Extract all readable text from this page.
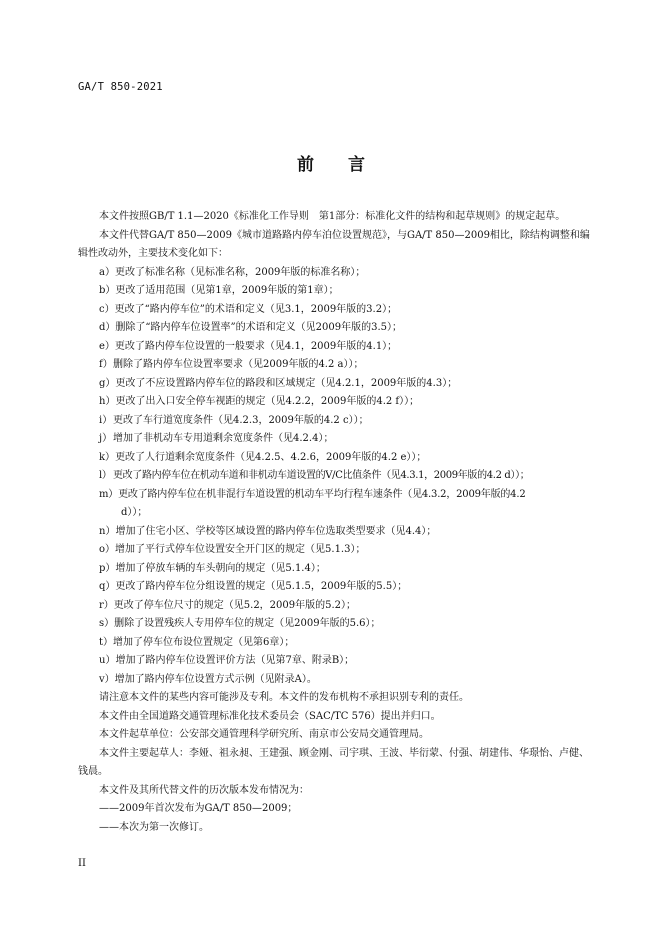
GA/T 850-2021
前 言

本文件按照GB/T 1.1—2020《标准化工作导则　第1部分：标准化文件的结构和起草规则》的规定起草。

本文件代替GA/T 850—2009《城市道路路内停车泊位设置规范》，与GA/T 850—2009相比，除结构调整和编辑性改动外，主要技术变化如下：

a）更改了标准名称（见标准名称，2009年版的标准名称）；
b）更改了适用范围（见第1章，2009年版的第1章）；
c）更改了“路内停车位”的术语和定义（见3.1，2009年版的3.2）；
d）删除了“路内停车位设置率”的术语和定义（见2009年版的3.5）；
e）更改了路内停车位设置的一般要求（见4.1，2009年版的4.1）；
f）删除了路内停车位设置率要求（见2009年版的4.2 a））；
g）更改了不应设置路内停车位的路段和区域规定（见4.2.1，2009年版的4.3）；
h）更改了出入口安全停车视距的规定（见4.2.2，2009年版的4.2 f））；
i）更改了车行道宽度条件（见4.2.3，2009年版的4.2 c））；
j）增加了非机动车专用道剩余宽度条件（见4.2.4）；
k）更改了人行道剩余宽度条件（见4.2.5、4.2.6，2009年版的4.2 e））；
l） 更改了路内停车位在机动车道和非机动车道设置的V/C比值条件（见4.3.1，2009年版的4.2 d））；
m）更改了路内停车位在机非混行车道设置的机动车平均行程车速条件（见4.3.2，2009年版的4.2
d））；
n）增加了住宅小区、学校等区域设置的路内停车位选取类型要求（见4.4）；
o）增加了平行式停车位设置安全开门区的规定（见5.1.3）；
p）增加了停放车辆的车头朝向的规定（见5.1.4）；
q）更改了路内停车位分组设置的规定（见5.1.5，2009年版的5.5）；
r）更改了停车位尺寸的规定（见5.2，2009年版的5.2）；
s）删除了设置残疾人专用停车位的规定（见2009年版的5.6）；
t）增加了停车位布设位置规定（见第6章）；
u）增加了路内停车位设置评价方法（见第7章、附录B）；
v）增加了路内停车位设置方式示例（见附录A）。

请注意本文件的某些内容可能涉及专利。本文件的发布机构不承担识别专利的责任。

本文件由全国道路交通管理标准化技术委员会（SAC/TC 576）提出并归口。

本文件起草单位：公安部交通管理科学研究所、南京市公安局交通管理局。

本文件主要起草人：李娅、祖永昶、王建强、顾金刚、司宇琪、王波、毕衍蒙、付强、胡建伟、华璟怡、卢健、钱晨。

本文件及其所代替文件的历次版本发布情况为：

——2009年首次发布为GA/T 850—2009；

——本次为第一次修订。

II
